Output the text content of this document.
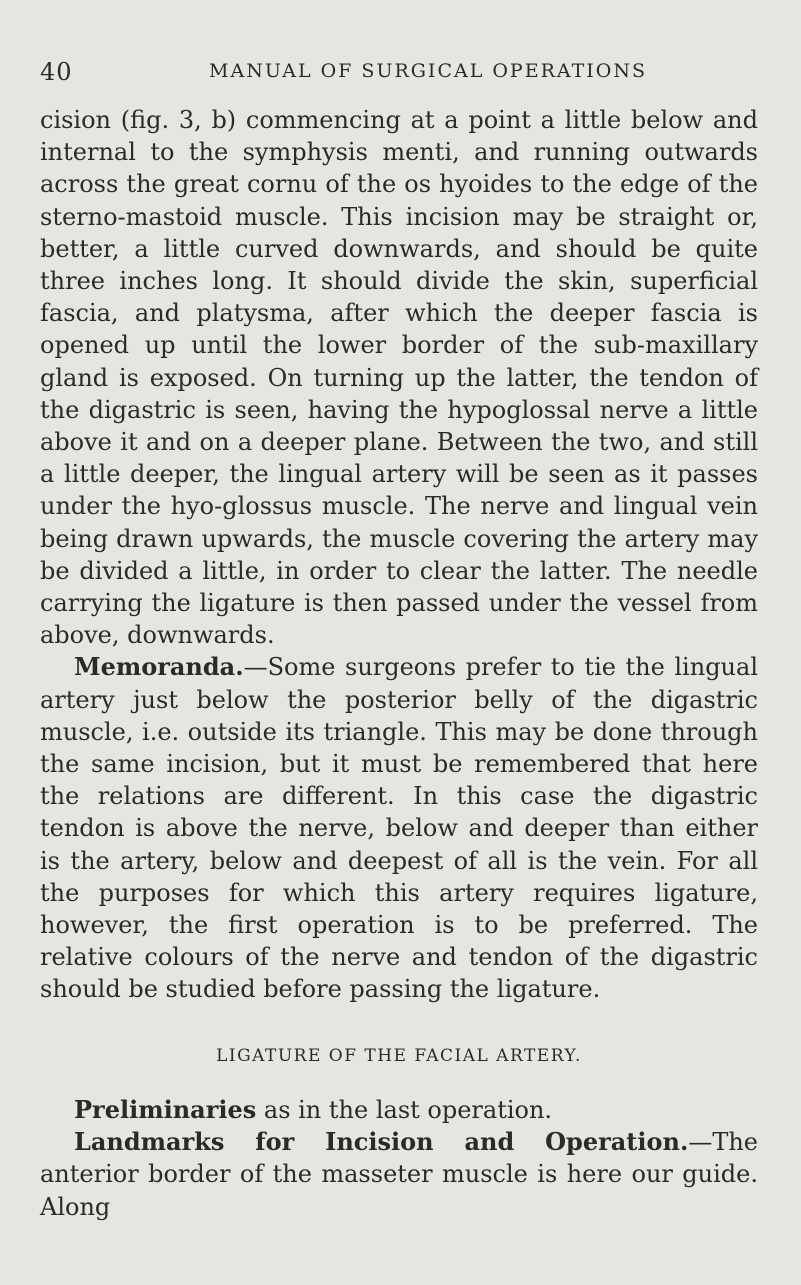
40	MANUAL OF SURGICAL OPERATIONS

cision (fig. 3, b) commencing at a point a little below and internal to the symphysis menti, and running outwards across the great cornu of the os hyoides to the edge of the sterno-mastoid muscle. This incision may be straight or, better, a little curved downwards, and should be quite three inches long. It should divide the skin, superficial fascia, and platysma, after which the deeper fascia is opened up until the lower border of the sub-maxillary gland is exposed. On turning up the latter, the tendon of the digastric is seen, having the hypoglossal nerve a little above it and on a deeper plane. Between the two, and still a little deeper, the lingual artery will be seen as it passes under the hyo-glossus muscle. The nerve and lingual vein being drawn upwards, the muscle covering the artery may be divided a little, in order to clear the latter. The needle carrying the ligature is then passed under the vessel from above, downwards.

Memoranda.—Some surgeons prefer to tie the lingual artery just below the posterior belly of the digastric muscle, i.e. outside its triangle. This may be done through the same incision, but it must be remembered that here the relations are different. In this case the digastric tendon is above the nerve, below and deeper than either is the artery, below and deepest of all is the vein. For all the purposes for which this artery requires ligature, however, the first operation is to be preferred. The relative colours of the nerve and tendon of the digastric should be studied before passing the ligature.

LIGATURE OF THE FACIAL ARTERY.

Preliminaries as in the last operation.

Landmarks for Incision and Operation.—The anterior border of the masseter muscle is here our guide. Along
